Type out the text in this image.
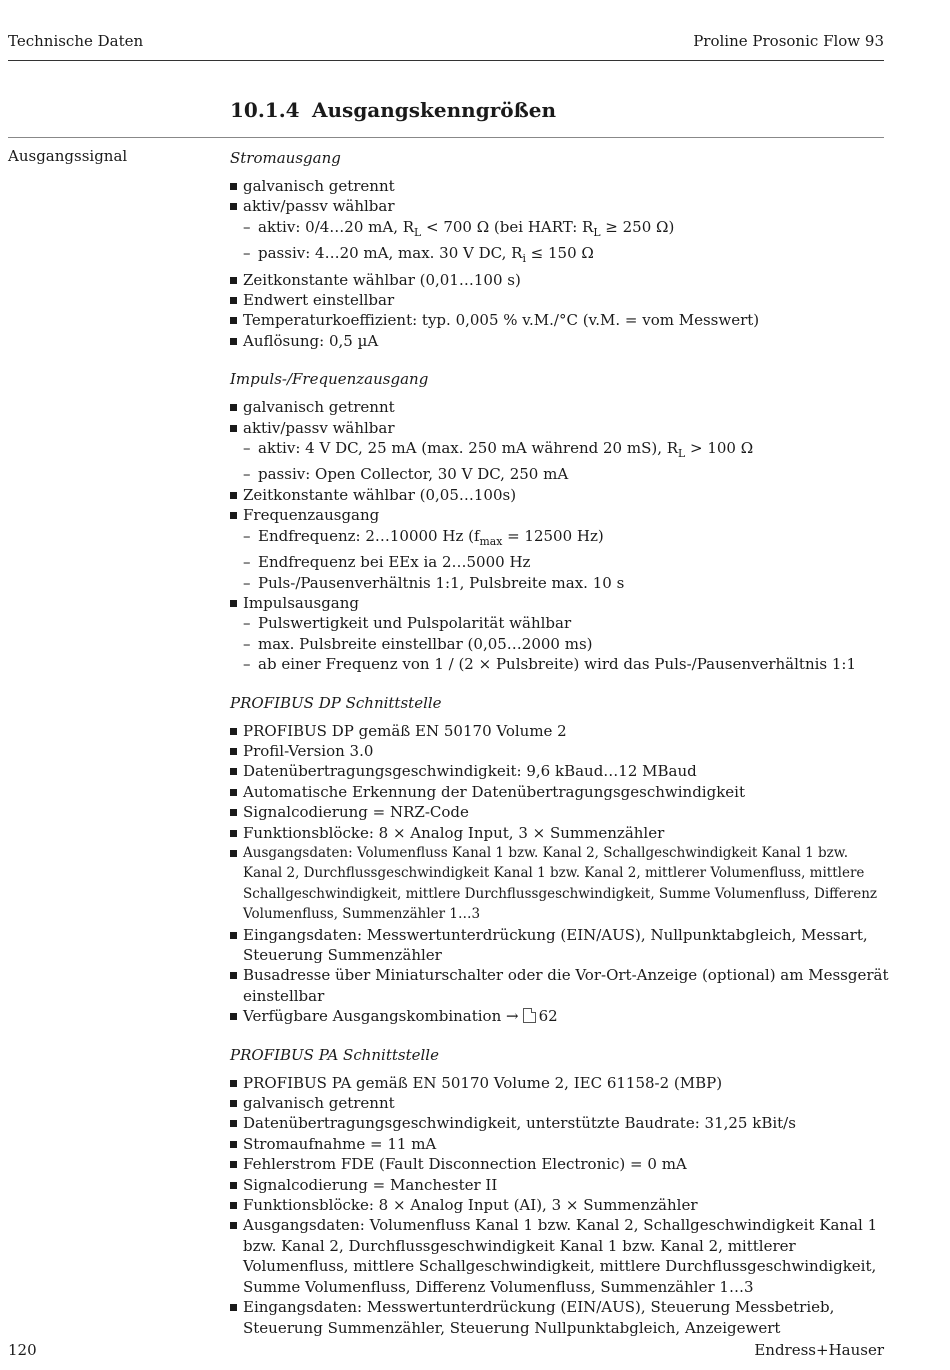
Technische Daten	Proline Prosonic Flow 93
10.1.4 Ausgangskenngrößen
Ausgangssignal	Stromausgang
galvanisch getrennt
aktiv/passv wählbar
– aktiv: 0/4…20 mA, $R_L < 700$ Ω (bei HART: $R_L \ge 250$ Ω)
– passiv: 4…20 mA, max. 30 V DC, $R_i \le 150$ Ω
Zeitkonstante wählbar (0,01…100 s)
Endwert einstellbar
Temperaturkoeffizient: typ. 0,005 % v.M./°C (v.M. = vom Messwert)
Auflösung: 0,5 µA
Impuls-/Frequenzausgang
galvanisch getrennt
aktiv/passv wählbar
– aktiv: 4 V DC, 25 mA (max. 250 mA während 20 mS), $R_L > 100$ Ω
– passiv: Open Collector, 30 V DC, 250 mA
Zeitkonstante wählbar (0,05…100s)
Frequenzausgang
– Endfrequenz: 2…10000 Hz ($f_{max} = 12500$ Hz)
– Endfrequenz bei EEx ia 2…5000 Hz
– Puls-/Pausenverhältnis 1:1, Pulsbreite max. 10 s
Impulsausgang
– Pulswertigkeit und Pulspolarität wählbar
– max. Pulsbreite einstellbar (0,05…2000 ms)
– ab einer Frequenz von 1 / (2 × Pulsbreite) wird das Puls-/Pausenverhältnis 1:1
PROFIBUS DP Schnittstelle
PROFIBUS DP gemäß EN 50170 Volume 2
Profil-Version 3.0
Datenübertragungsgeschwindigkeit: 9,6 kBaud…12 MBaud
Automatische Erkennung der Datenübertragungsgeschwindigkeit
Signalcodierung = NRZ-Code
Funktionsblöcke: 8 × Analog Input, 3 × Summenzähler
Ausgangsdaten: Volumenfluss Kanal 1 bzw. Kanal 2, Schallgeschwindigkeit Kanal 1 bzw. Kanal 2, Durchflussgeschwindigkeit Kanal 1 bzw. Kanal 2, mittlerer Volumenfluss, mittlere Schallgeschwindigkeit, mittlere Durchflussgeschwindigkeit, Summe Volumenfluss, Differenz Volumenfluss, Summenzähler 1…3
Eingangsdaten: Messwertunterdrückung (EIN/AUS), Nullpunktabgleich, Messart, Steuerung Summenzähler
Busadresse über Miniaturschalter oder die Vor-Ort-Anzeige (optional) am Messgerät einstellbar
Verfügbare Ausgangskombination → 62
PROFIBUS PA Schnittstelle
PROFIBUS PA gemäß EN 50170 Volume 2, IEC 61158-2 (MBP)
galvanisch getrennt
Datenübertragungsgeschwindigkeit, unterstützte Baudrate: 31,25 kBit/s
Stromaufnahme = 11 mA
Fehlerstrom FDE (Fault Disconnection Electronic) = 0 mA
Signalcodierung = Manchester II
Funktionsblöcke: 8 × Analog Input (AI), 3 × Summenzähler
Ausgangsdaten: Volumenfluss Kanal 1 bzw. Kanal 2, Schallgeschwindigkeit Kanal 1 bzw. Kanal 2, Durchflussgeschwindigkeit Kanal 1 bzw. Kanal 2, mittlerer Volumenfluss, mittlere Schallgeschwindigkeit, mittlere Durchflussgeschwindigkeit, Summe Volumenfluss, Differenz Volumenfluss, Summenzähler 1…3
Eingangsdaten: Messwertunterdrückung (EIN/AUS), Steuerung Messbetrieb, Steuerung Summenzähler, Steuerung Nullpunktabgleich, Anzeigewert
120	Endress+Hauser
